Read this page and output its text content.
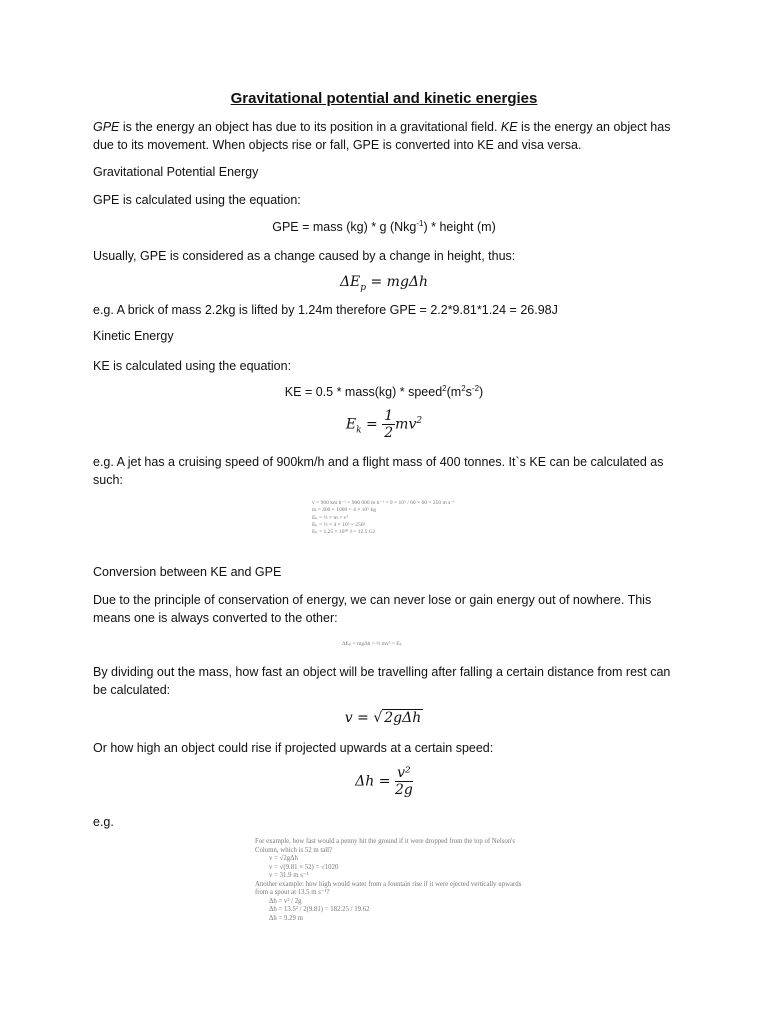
Gravitational potential and kinetic energies
GPE is the energy an object has due to its position in a gravitational field. KE is the energy an object has due to its movement. When objects rise or fall, GPE is converted into KE and visa versa.
Gravitational Potential Energy
GPE is calculated using the equation:
GPE = mass (kg) * g (Nkg$^{-1}$) * height (m)
Usually, GPE is considered as a change caused by a change in height, thus:
$\Delta E_p = mg\Delta h$
e.g. A brick of mass 2.2kg is lifted by 1.24m therefore GPE = 2.2*9.81*1.24 = 26.98J
Kinetic Energy
KE is calculated using the equation:
KE = 0.5 * mass(kg) * $speed^2(m^2s^{-2})$
$E_k = \frac{1}{2} mv^2$
e.g. A jet has a cruising speed of 900km/h and a flight mass of 400 tonnes. It`s KE can be calculated as such:
v = 900 km h⁻¹ = 900 000 m h⁻¹ = 9 × 10⁵ / 60 × 60 = 250 m s⁻¹
m = 400 × 1000 = 4 × 10⁵ kg
Eₖ = ½ × m × v²
Eₖ = ½ × 4 × 10⁵ × 250²
Eₖ = 1.25 × 10¹⁰ J = 12.5 GJ
Conversion between KE and GPE
Due to the principle of conservation of energy, we can never lose or gain energy out of nowhere. This means one is always converted to the other:
ΔEₚ = mgΔh = ½ mv² = Eₖ
By dividing out the mass, how fast an object will be travelling after falling a certain distance from rest can be calculated:
v = √ 2gΔh
Or how high an object could rise if projected upwards at a certain speed:
$\Delta h = \frac{\text{v²}}{2g}$
e.g.
For example, how fast would a penny hit the ground if it were dropped from the top of Nelson's
Column, which is 52 m tall?
v = √2gΔh
v = √(9.81 × 52) = √1020
v = 31.9 m s⁻¹
Another example: how high would water from a fountain rise if it were ejected vertically upwards
from a spout at 13.5 m s⁻¹?
Δh = v² / 2g
Δh = 13.5² / 2(9.81) = 182.25 / 19.62
Δh = 9.29 m
